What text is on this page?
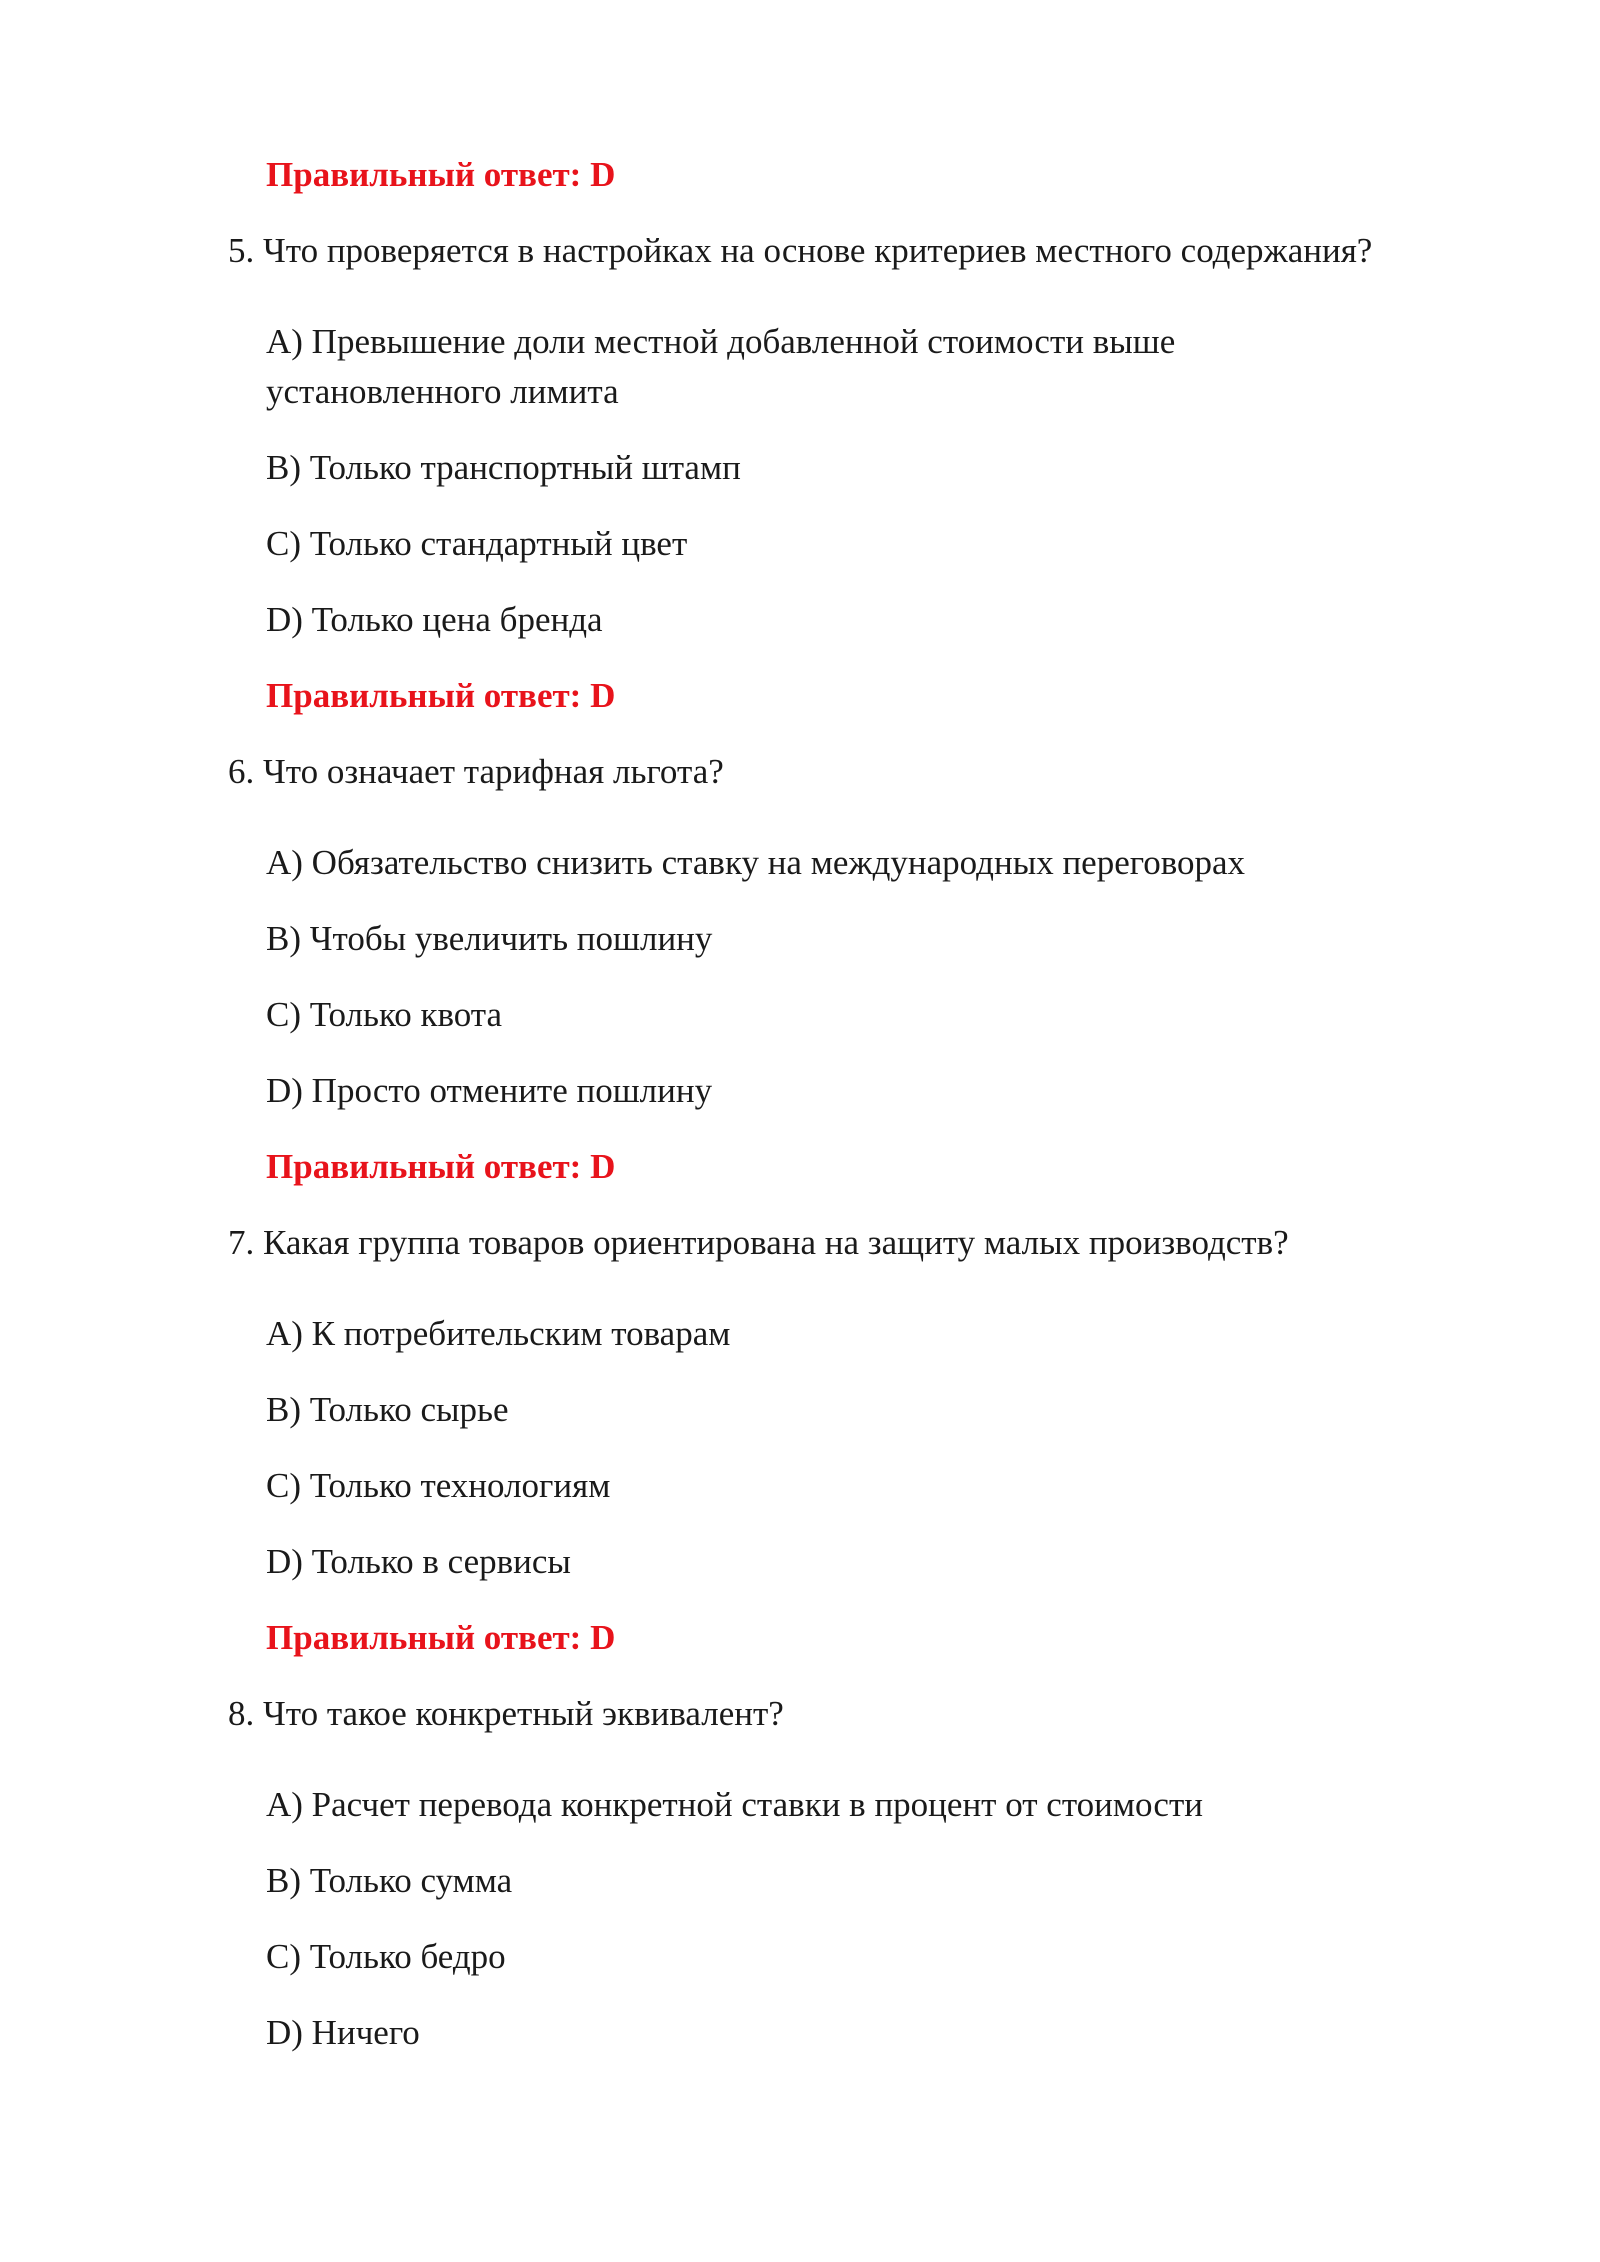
Правильный ответ: D
5. Что проверяется в настройках на основе критериев местного содержания?
A) Превышение доли местной добавленной стоимости выше
установленного лимита
B) Только транспортный штамп
C) Только стандартный цвет
D) Только цена бренда
Правильный ответ: D
6. Что означает тарифная льгота?
A) Обязательство снизить ставку на международных переговорах
B) Чтобы увеличить пошлину
C) Только квота
D) Просто отмените пошлину
Правильный ответ: D
7. Какая группа товаров ориентирована на защиту малых производств?
A) К потребительским товарам
B) Только сырье
C) Только технологиям
D) Только в сервисы
Правильный ответ: D
8. Что такое конкретный эквивалент?
A) Расчет перевода конкретной ставки в процент от стоимости
B) Только сумма
C) Только бедро
D) Ничего
